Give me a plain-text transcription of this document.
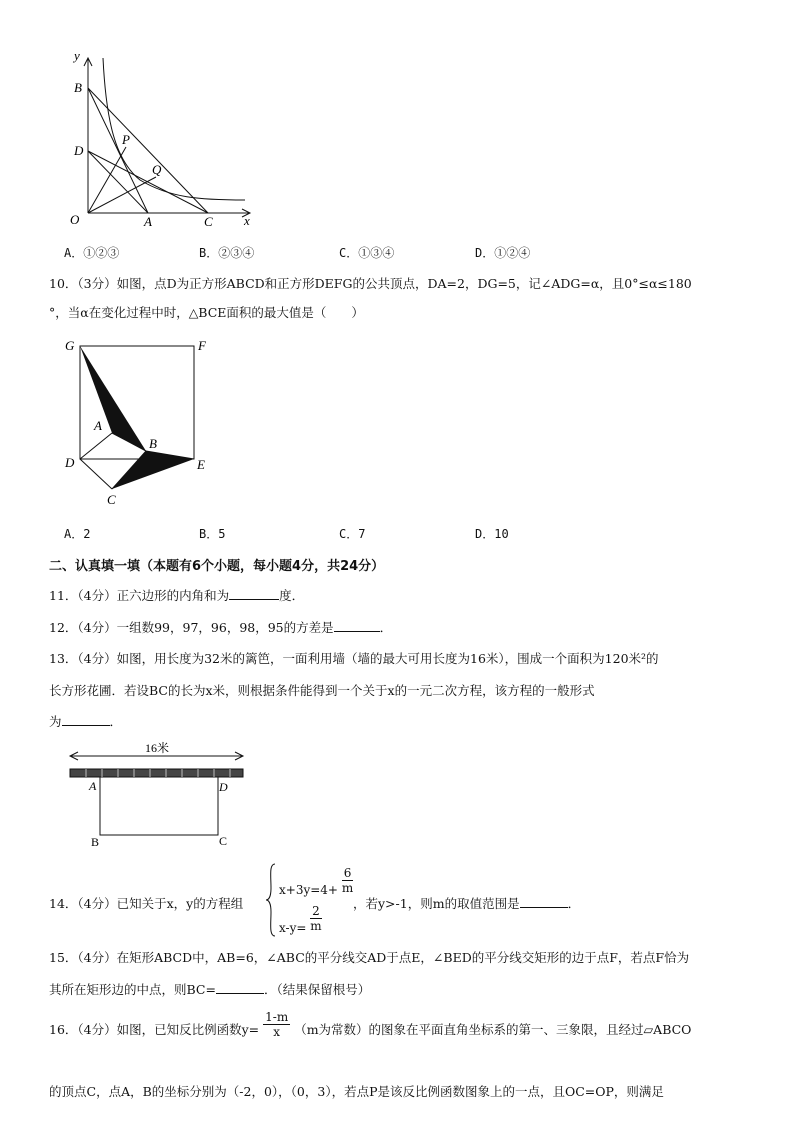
y
B
D
P
Q
O	A	C x
A．①②③	B．②③④	C．①③④	D．①②④
10．（3分）如图，点D为正方形ABCD和正方形DEFG的公共顶点，DA=2，DG=5，记∠ADG=α，且0°≤α≤180
°，当α在变化过程中时，△BCE面积的最大值是（　　）
G	F
A
B
D	E
C
A．2	B．5	C．7	D．10
二、认真填一填（本题有6个小题，每小题4分，共24分）
11．（4分）正六边形的内角和为	度．
12．（4分）一组数99，97，96，98，95的方差是	．
13．（4分）如图，用长度为32米的篱笆，一面利用墙（墙的最大可用长度为16米），围成一个面积为120米²的
长方形花圃．若设BC的长为x米，则根据条件能得到一个关于x的一元二次方程，该方程的一般形式
为	．
16米
A	D
B	C
14．（4分）已知关于x，y的方程组
$x+3y=4+ \frac{6}{m}$
$x-y= \frac{2}{m}$
，若y>-1，则m的取值范围是	．
15．（4分）在矩形ABCD中，AB=6，∠ABC的平分线交AD于点E，∠BED的平分线交矩形的边于点F，若点F恰为
其所在矩形边的中点，则BC=	．（结果保留根号）
16．（4分）如图，已知反比例函数$y= \frac{1-m}{x} (m$为常数）的图象在平面直角坐标系的第一、三象限，且经过▱ABCO
的顶点C，点A，B的坐标分别为（-2，0），（0，3），若点P是该反比例函数图象上的一点，且OC=OP，则满足
